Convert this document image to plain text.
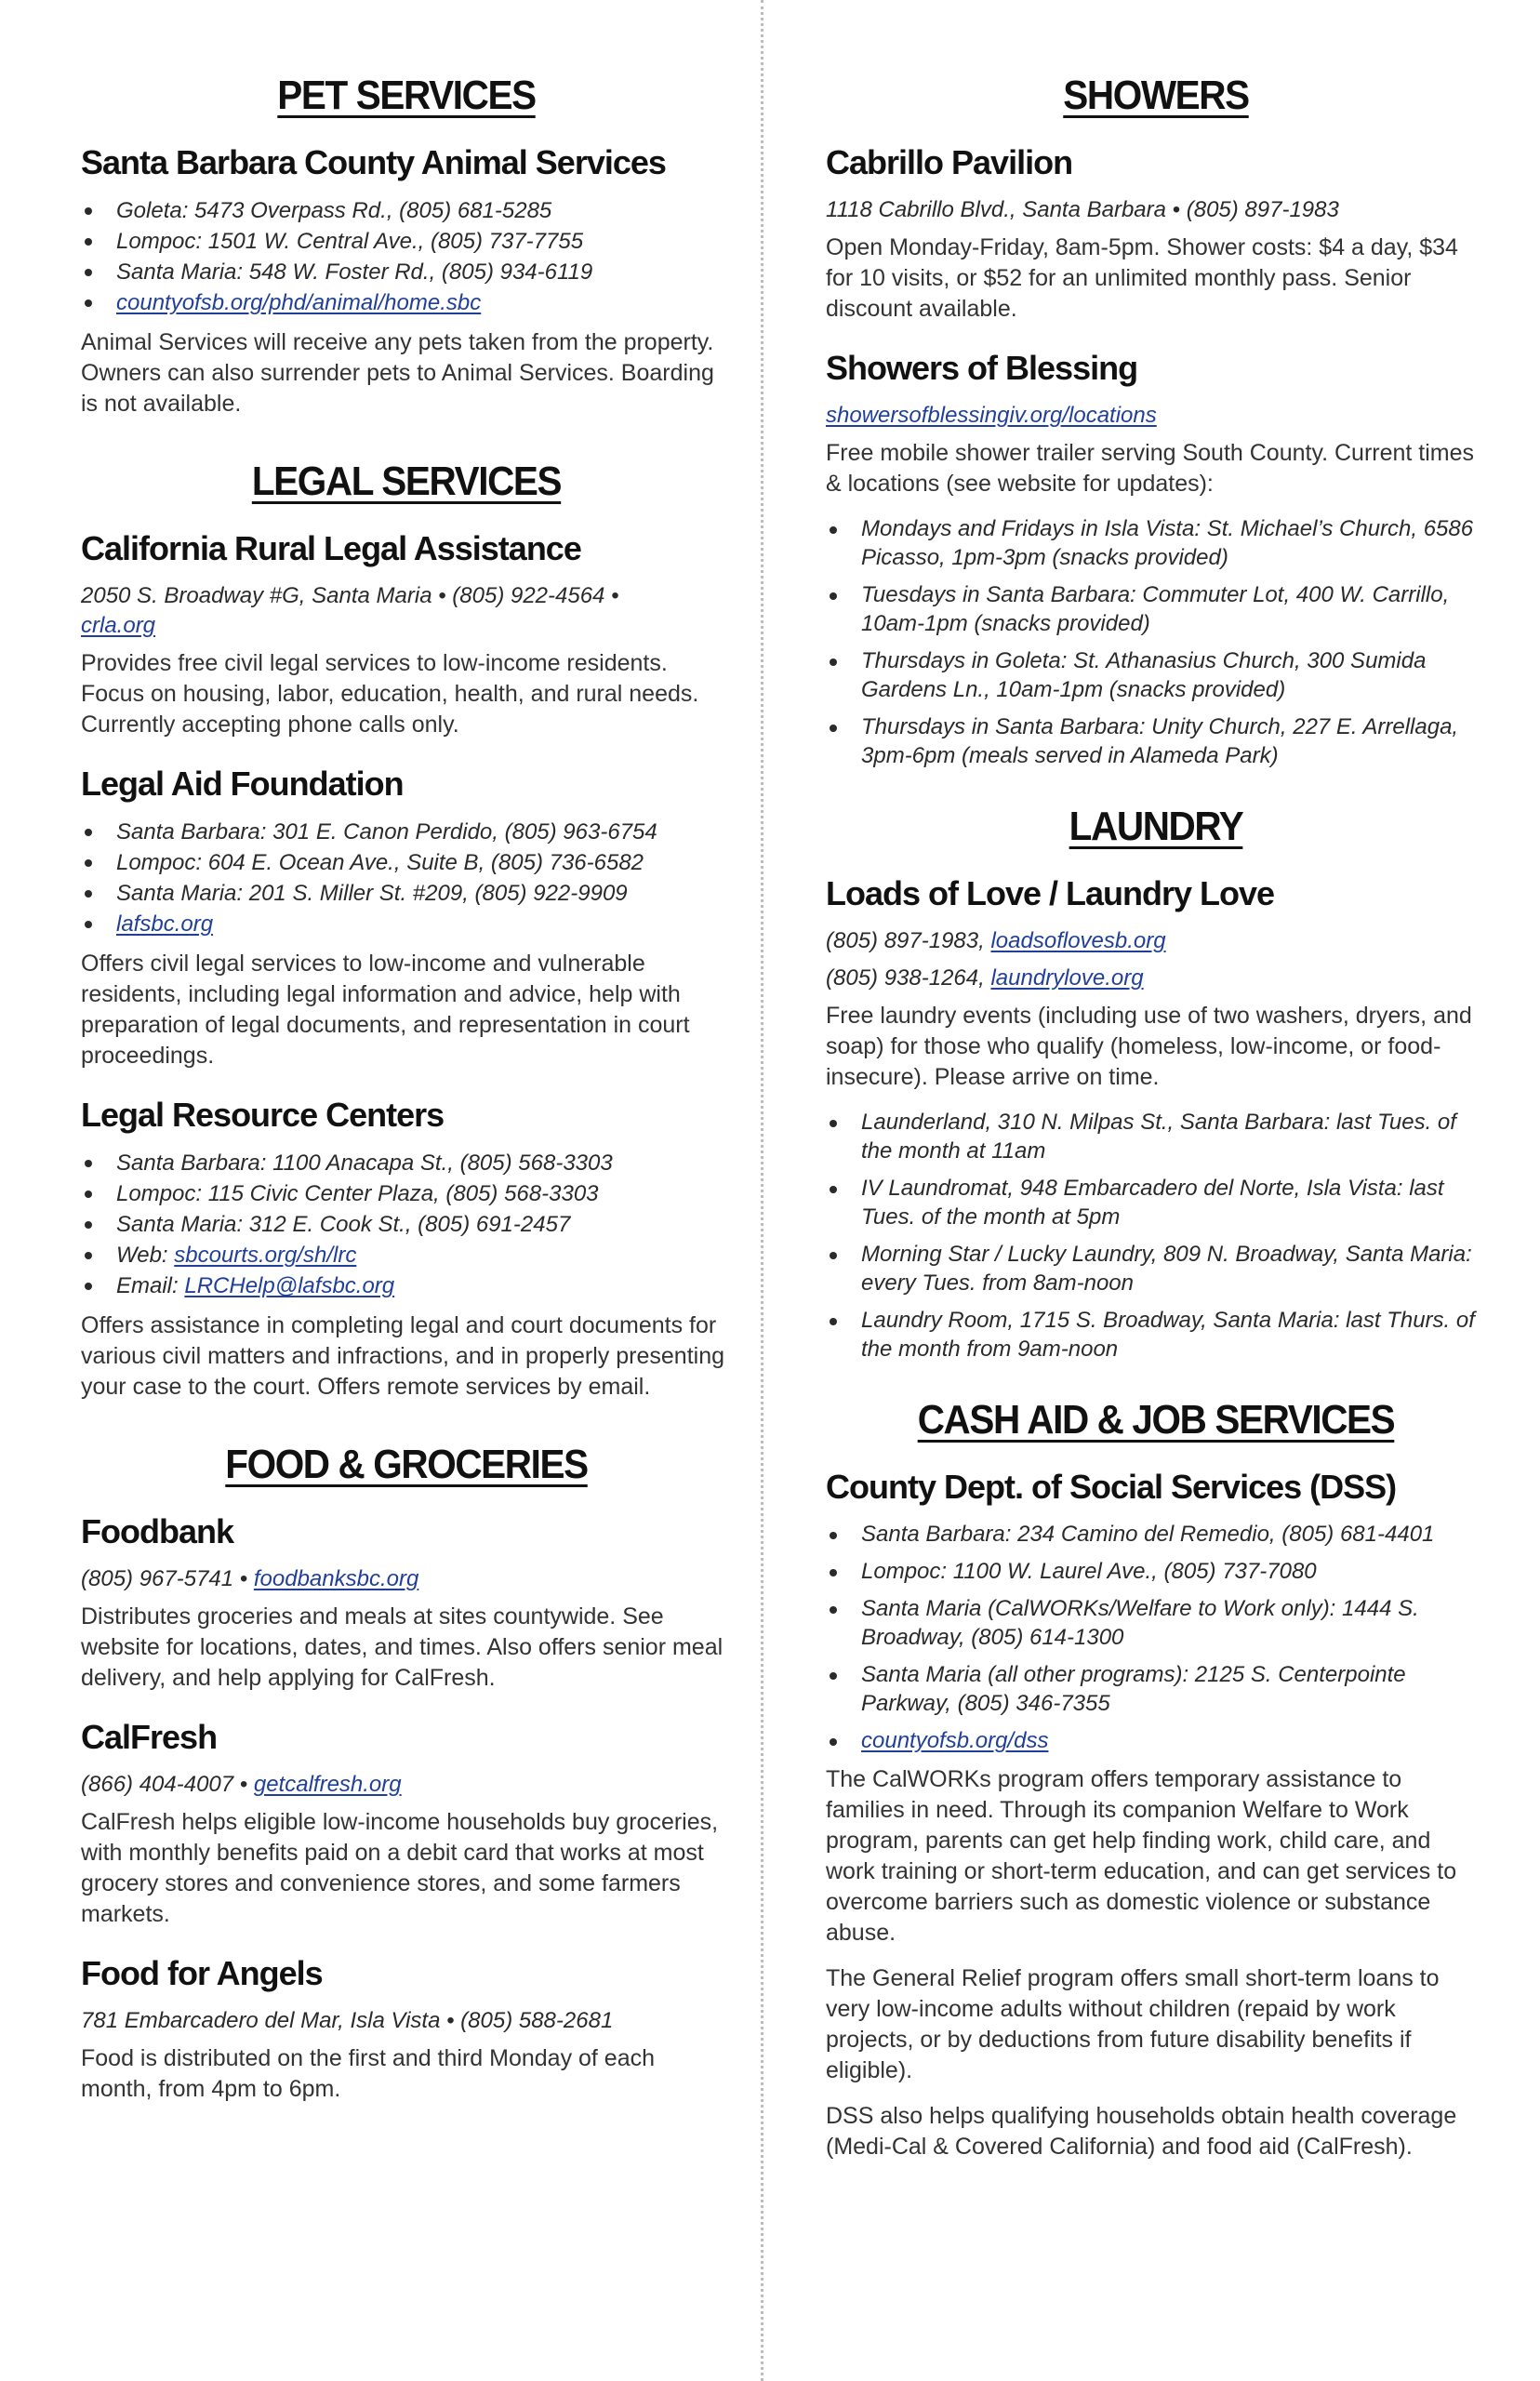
PET SERVICES
Santa Barbara County Animal Services
Goleta: 5473 Overpass Rd., (805) 681-5285
Lompoc: 1501 W. Central Ave., (805) 737-7755
Santa Maria: 548 W. Foster Rd., (805) 934-6119
countyofsb.org/phd/animal/home.sbc
Animal Services will receive any pets taken from the property. Owners can also surrender pets to Animal Services. Boarding is not available.
LEGAL SERVICES
California Rural Legal Assistance
2050 S. Broadway #G, Santa Maria • (805) 922-4564 •
crla.org
Provides free civil legal services to low-income residents. Focus on housing, labor, education, health, and rural needs. Currently accepting phone calls only.
Legal Aid Foundation
Santa Barbara: 301 E. Canon Perdido, (805) 963-6754
Lompoc: 604 E. Ocean Ave., Suite B, (805) 736-6582
Santa Maria: 201 S. Miller St. #209, (805) 922-9909
lafsbc.org
Offers civil legal services to low-income and vulnerable residents, including legal information and advice, help with preparation of legal documents, and representation in court proceedings.
Legal Resource Centers
Santa Barbara: 1100 Anacapa St., (805) 568-3303
Lompoc: 115 Civic Center Plaza, (805) 568-3303
Santa Maria: 312 E. Cook St., (805) 691-2457
Web: sbcourts.org/sh/lrc
Email: LRCHelp@lafsbc.org
Offers assistance in completing legal and court documents for various civil matters and infractions, and in properly presenting your case to the court. Offers remote services by email.
FOOD & GROCERIES
Foodbank
(805) 967-5741 • foodbanksbc.org
Distributes groceries and meals at sites countywide. See website for locations, dates, and times. Also offers senior meal delivery, and help applying for CalFresh.
CalFresh
(866) 404-4007 • getcalfresh.org
CalFresh helps eligible low-income households buy groceries, with monthly benefits paid on a debit card that works at most grocery stores and convenience stores, and some farmers markets.
Food for Angels
781 Embarcadero del Mar, Isla Vista • (805) 588-2681
Food is distributed on the first and third Monday of each month, from 4pm to 6pm.
SHOWERS
Cabrillo Pavilion
1118 Cabrillo Blvd., Santa Barbara • (805) 897-1983
Open Monday-Friday, 8am-5pm. Shower costs: $4 a day, $34 for 10 visits, or $52 for an unlimited monthly pass. Senior discount available.
Showers of Blessing
showersofblessingiv.org/locations
Free mobile shower trailer serving South County. Current times & locations (see website for updates):
Mondays and Fridays in Isla Vista: St. Michael’s Church, 6586 Picasso, 1pm-3pm (snacks provided)
Tuesdays in Santa Barbara: Commuter Lot, 400 W. Carrillo, 10am-1pm (snacks provided)
Thursdays in Goleta: St. Athanasius Church, 300 Sumida Gardens Ln., 10am-1pm (snacks provided)
Thursdays in Santa Barbara: Unity Church, 227 E. Arrellaga, 3pm-6pm (meals served in Alameda Park)
LAUNDRY
Loads of Love / Laundry Love
(805) 897-1983, loadsoflovesb.org
(805) 938-1264, laundrylove.org
Free laundry events (including use of two washers, dryers, and soap) for those who qualify (homeless, low-income, or food-insecure). Please arrive on time.
Launderland, 310 N. Milpas St., Santa Barbara: last Tues. of the month at 11am
IV Laundromat, 948 Embarcadero del Norte, Isla Vista: last Tues. of the month at 5pm
Morning Star / Lucky Laundry, 809 N. Broadway, Santa Maria: every Tues. from 8am-noon
Laundry Room, 1715 S. Broadway, Santa Maria: last Thurs. of the month from 9am-noon
CASH AID & JOB SERVICES
County Dept. of Social Services (DSS)
Santa Barbara: 234 Camino del Remedio, (805) 681-4401
Lompoc: 1100 W. Laurel Ave., (805) 737-7080
Santa Maria (CalWORKs/Welfare to Work only): 1444 S. Broadway, (805) 614-1300
Santa Maria (all other programs): 2125 S. Centerpointe Parkway, (805) 346-7355
countyofsb.org/dss
The CalWORKs program offers temporary assistance to families in need. Through its companion Welfare to Work program, parents can get help finding work, child care, and work training or short-term education, and can get services to overcome barriers such as domestic violence or substance abuse.
The General Relief program offers small short-term loans to very low-income adults without children (repaid by work projects, or by deductions from future disability benefits if eligible).
DSS also helps qualifying households obtain health coverage (Medi-Cal & Covered California) and food aid (CalFresh).
